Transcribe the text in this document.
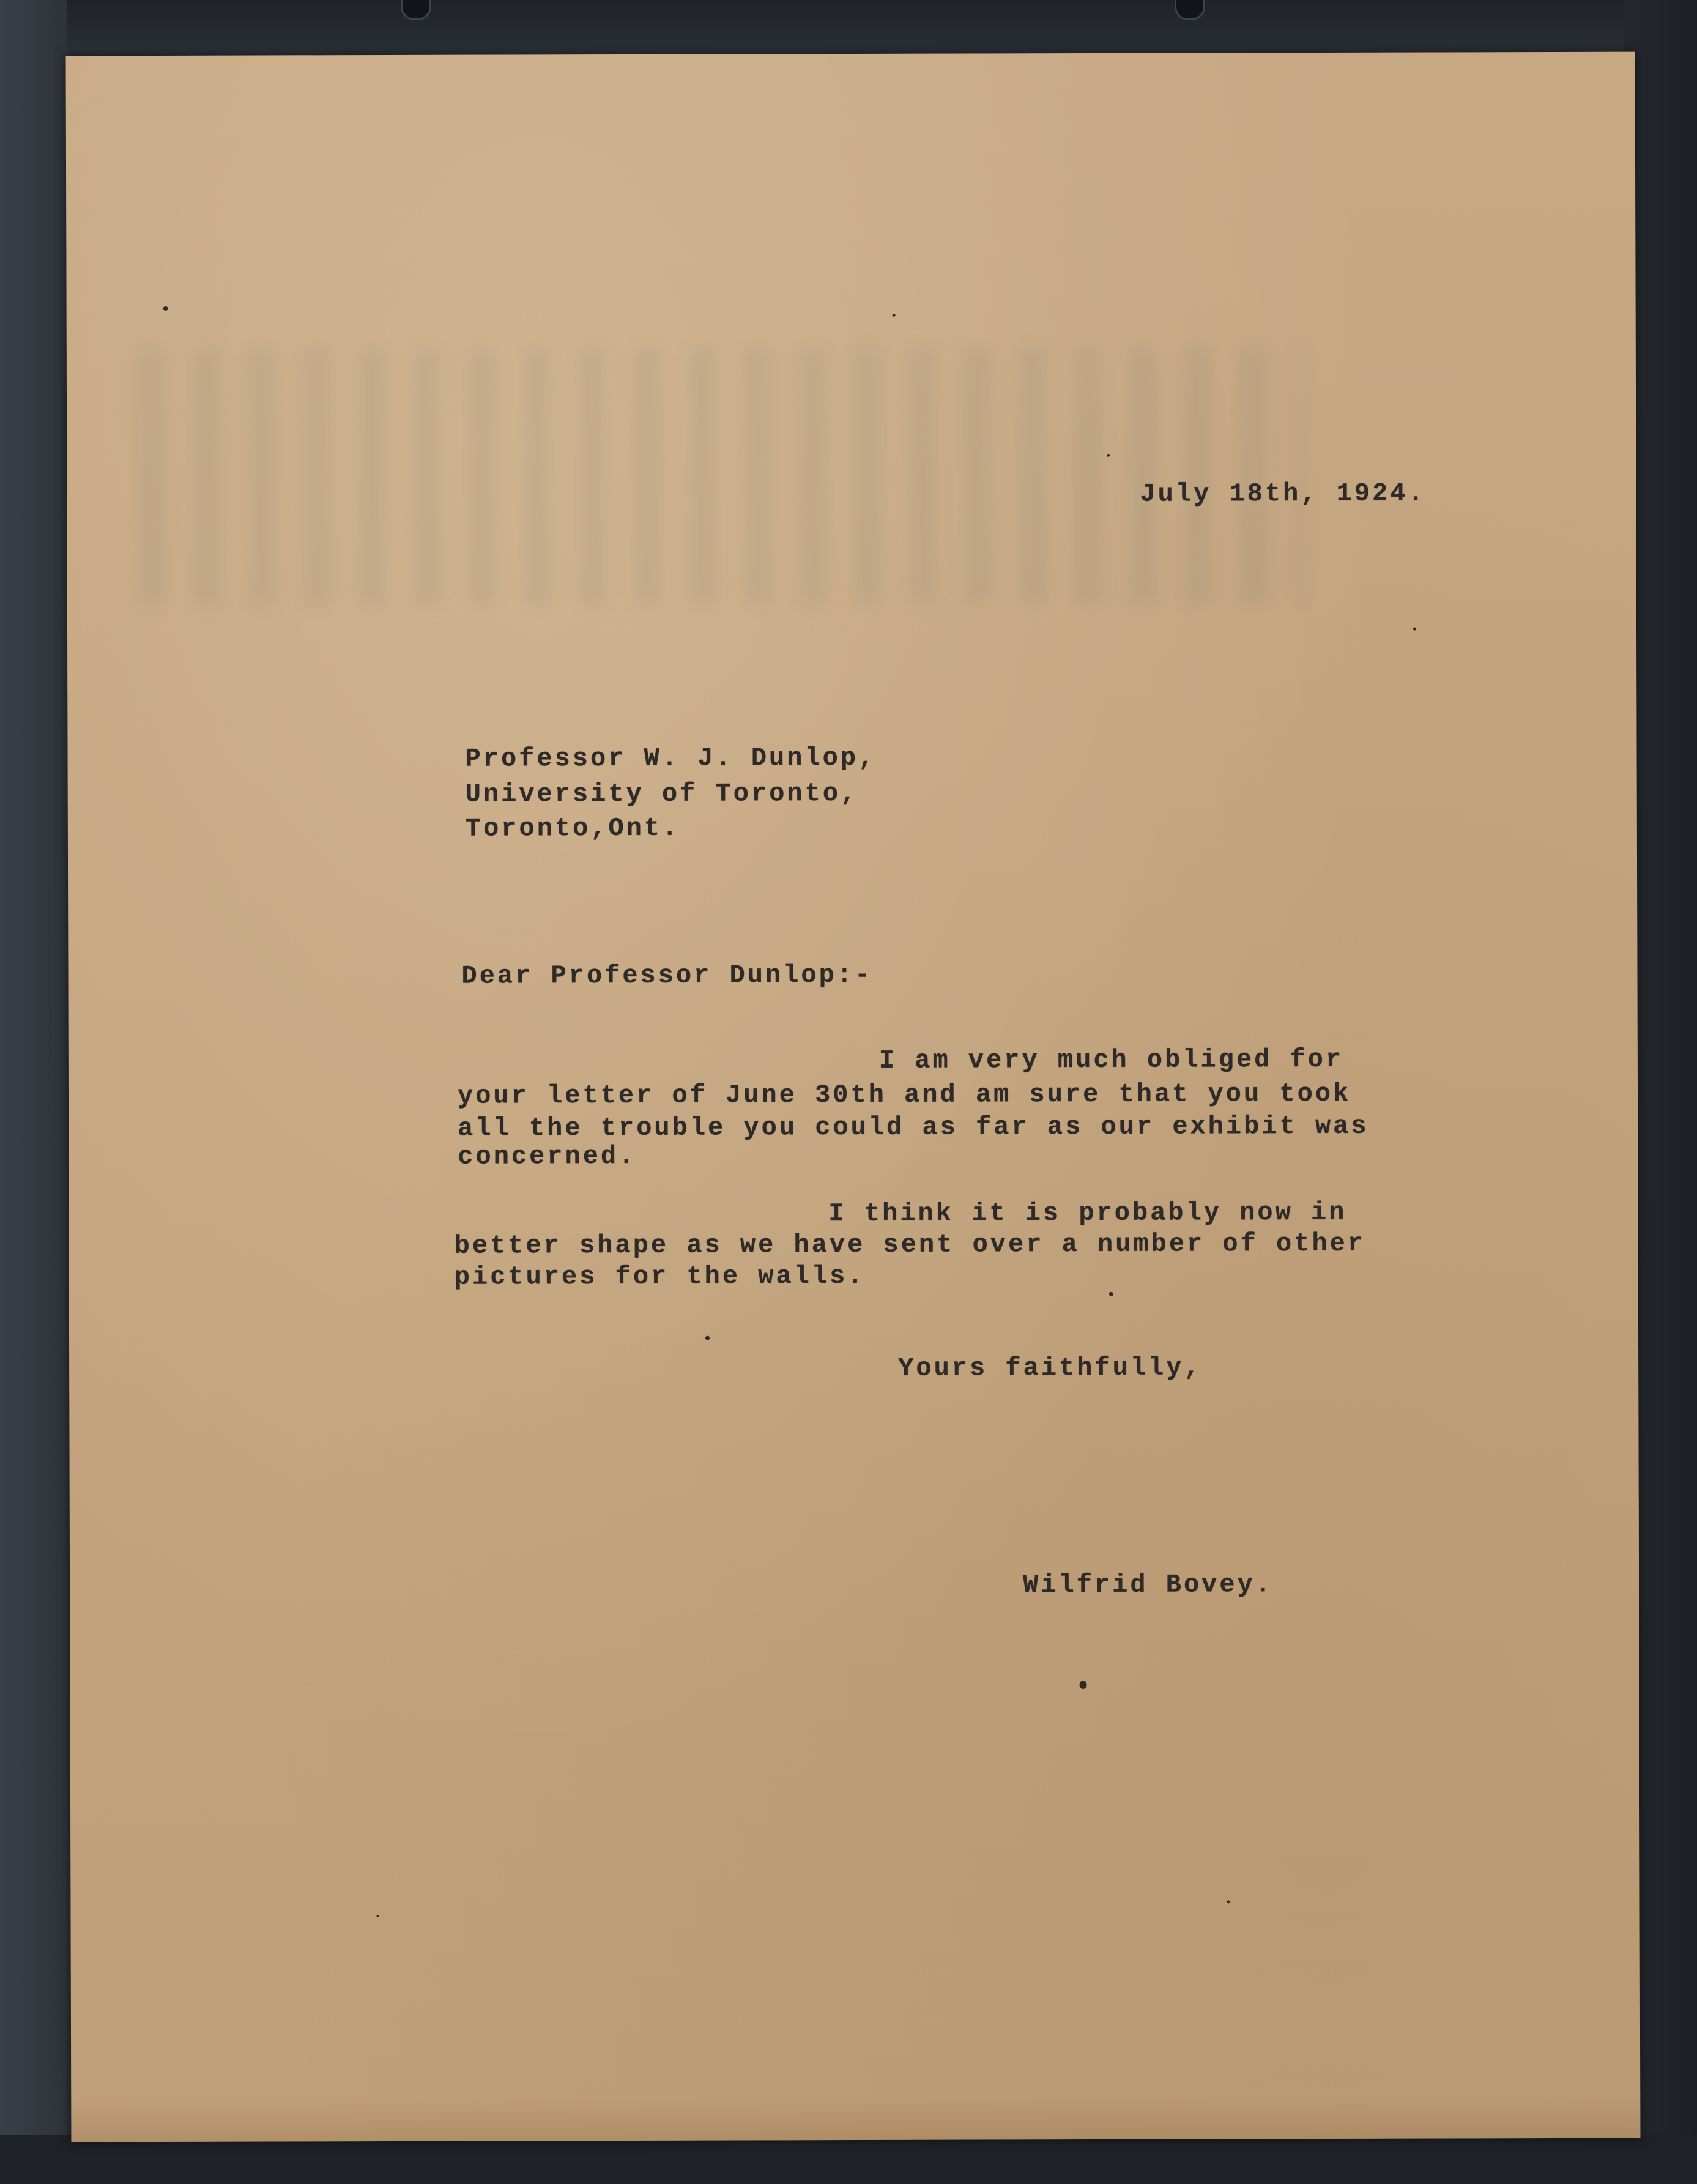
July 18th, 1924.

Professor W. J. Dunlop,

University of Toronto,

Toronto,Ont.

Dear Professor Dunlop:-

I am very much obliged for

your letter of June 30th and am sure that you took

all the trouble you could as far as our exhibit was

concerned.

I think it is probably now in

better shape as we have sent over a number of other

pictures for the walls.

Yours faithfully,

Wilfrid Bovey.
